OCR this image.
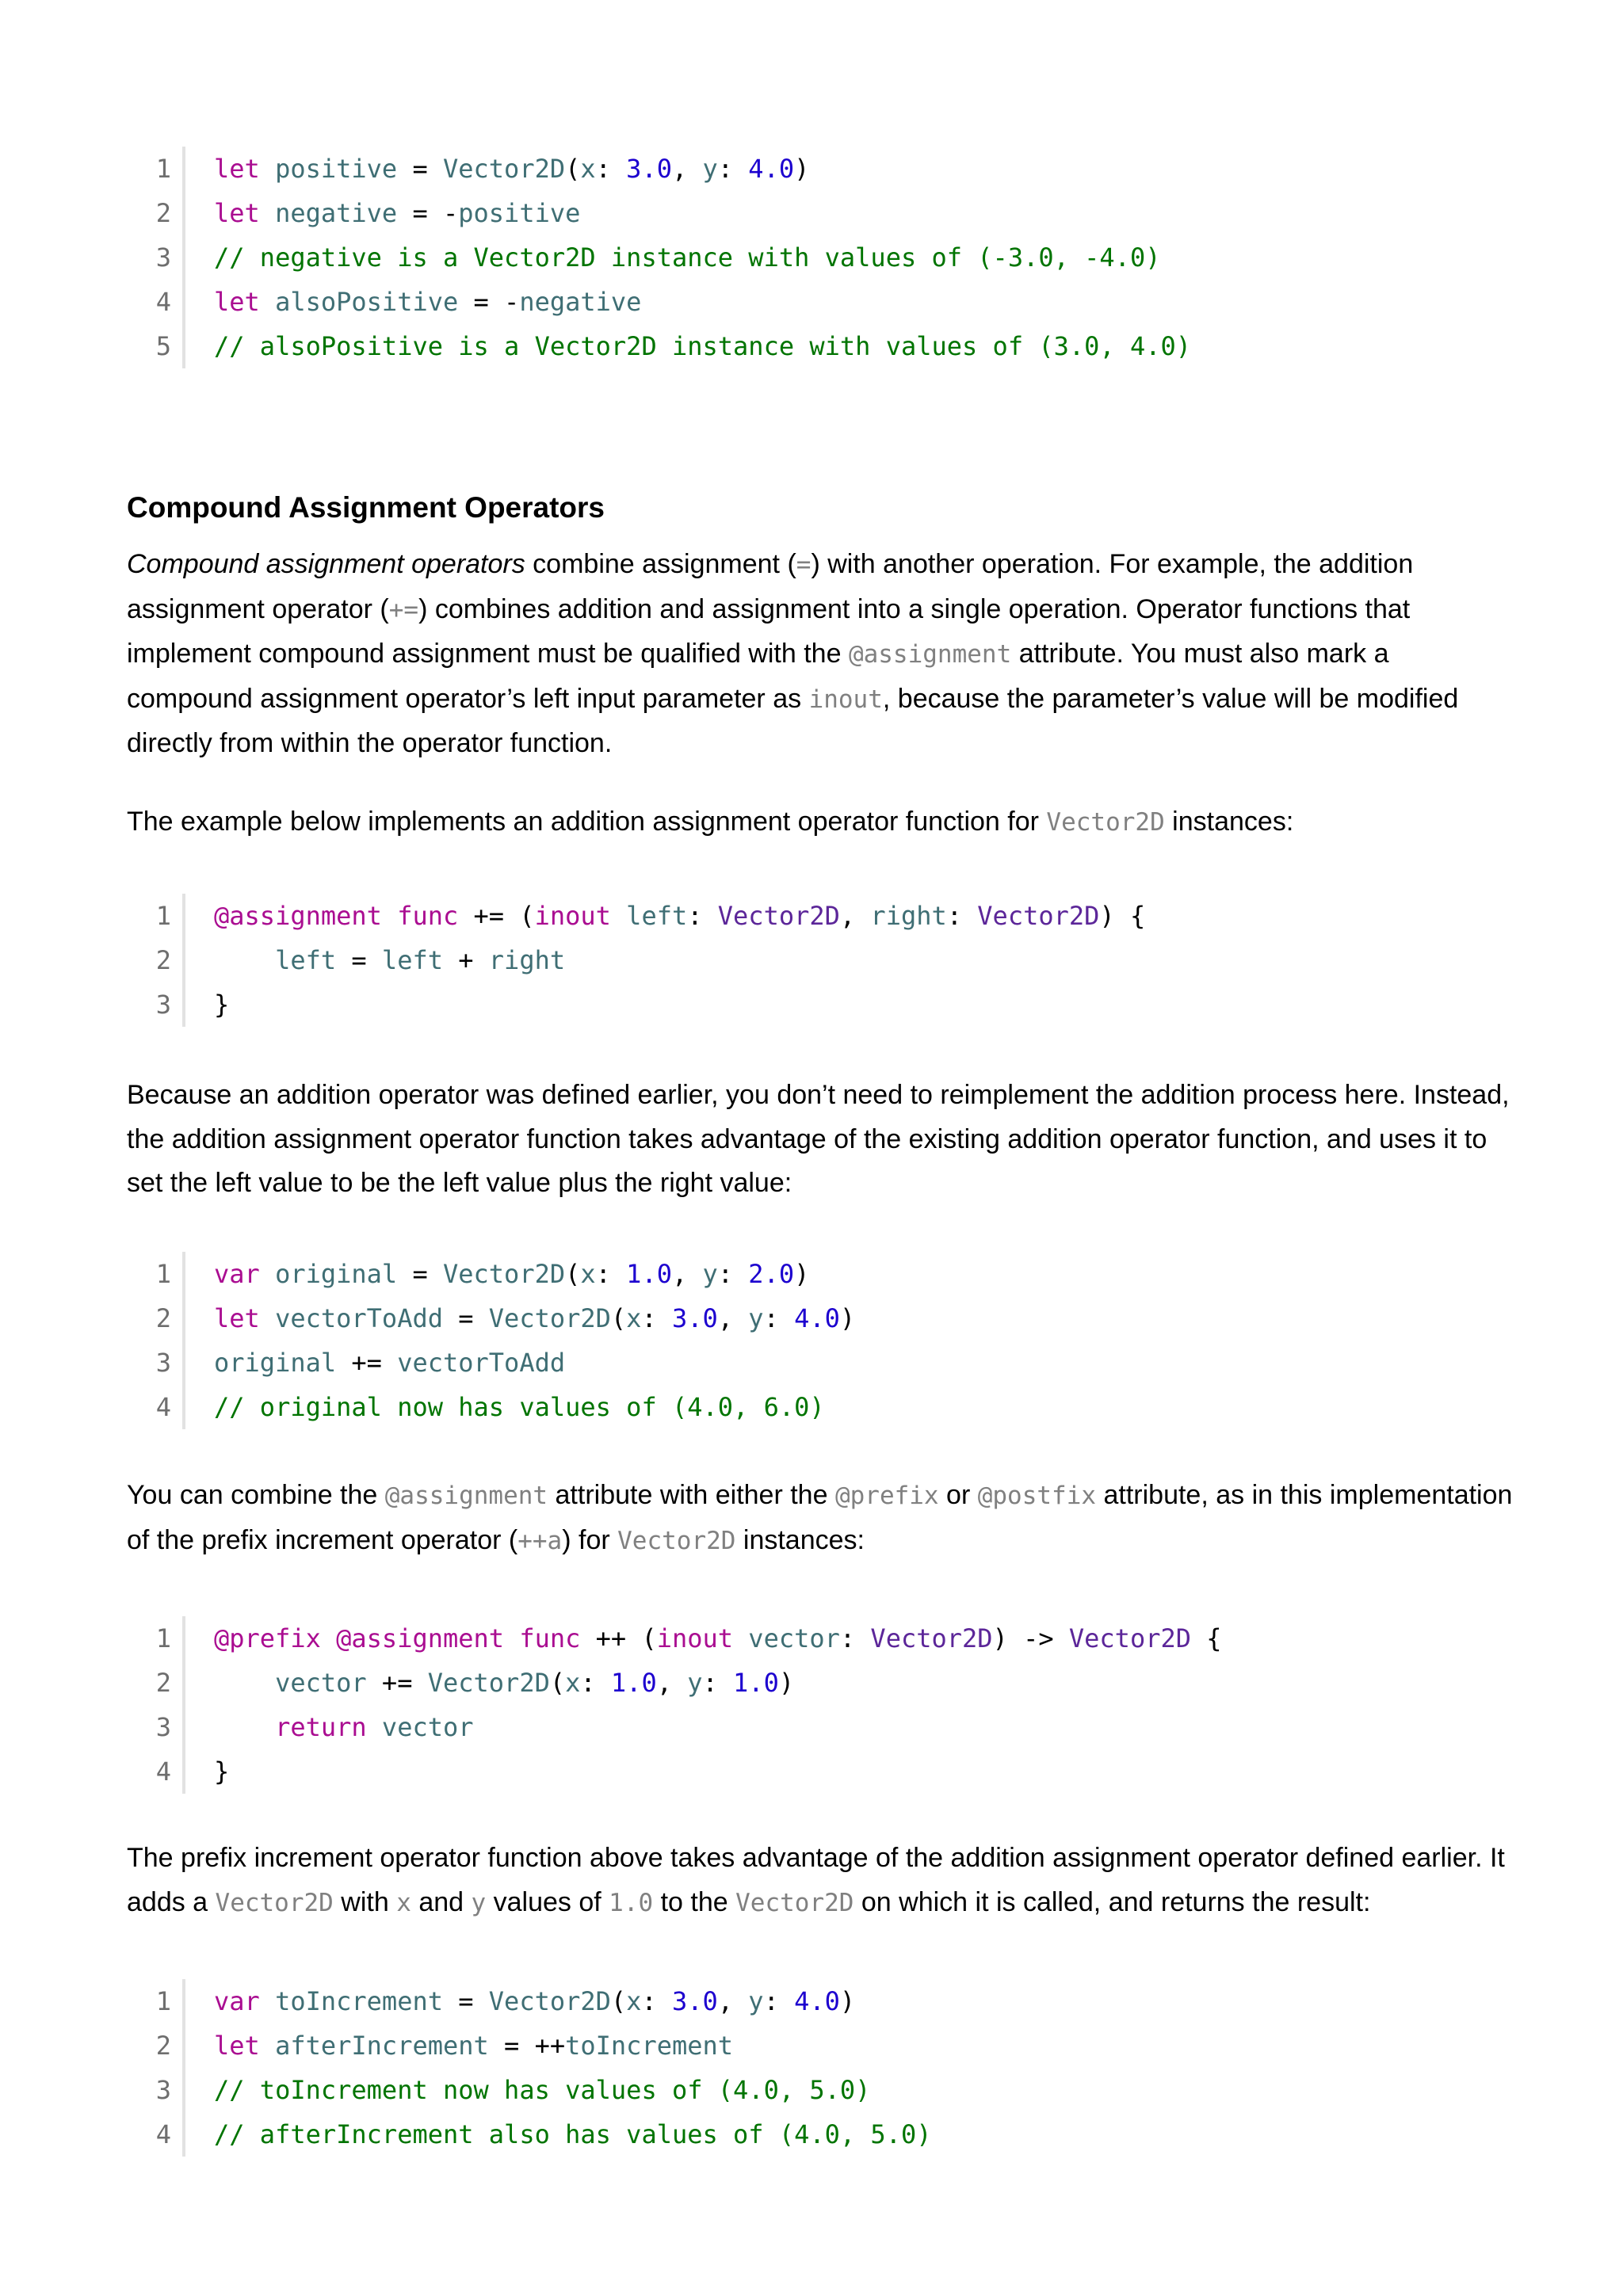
1 let positive = Vector2D(x: 3.0, y: 4.0)
2 let negative = -positive
3 // negative is a Vector2D instance with values of (-3.0, -4.0)
4 let alsoPositive = -negative
5 // alsoPositive is a Vector2D instance with values of (3.0, 4.0)
Compound Assignment Operators

Compound assignment operators combine assignment (=) with another operation. For example, the addition assignment operator (+=) combines addition and assignment into a single operation. Operator functions that implement compound assignment must be qualified with the @assignment attribute. You must also mark a compound assignment operator’s left input parameter as inout, because the parameter’s value will be modified directly from within the operator function.

The example below implements an addition assignment operator function for Vector2D instances:

1 @assignment func += (inout left: Vector2D, right: Vector2D) {
2	left = left + right
3 }

Because an addition operator was defined earlier, you don’t need to reimplement the addition process here. Instead, the addition assignment operator function takes advantage of the existing addition operator function, and uses it to set the left value to be the left value plus the right value:

1 var original = Vector2D(x: 1.0, y: 2.0)
2 let vectorToAdd = Vector2D(x: 3.0, y: 4.0)
3 original += vectorToAdd
4 // original now has values of (4.0, 6.0)

You can combine the @assignment attribute with either the @prefix or @postfix attribute, as in this implementation of the prefix increment operator (++a) for Vector2D instances:

1 @prefix @assignment func ++ (inout vector: Vector2D) -> Vector2D {
2	vector += Vector2D(x: 1.0, y: 1.0)
3	return vector
4 }

The prefix increment operator function above takes advantage of the addition assignment operator defined earlier. It adds a Vector2D with x and y values of 1.0 to the Vector2D on which it is called, and returns the result:

1 var toIncrement = Vector2D(x: 3.0, y: 4.0)
2 let afterIncrement = ++toIncrement
3 // toIncrement now has values of (4.0, 5.0)
4 // afterIncrement also has values of (4.0, 5.0)
